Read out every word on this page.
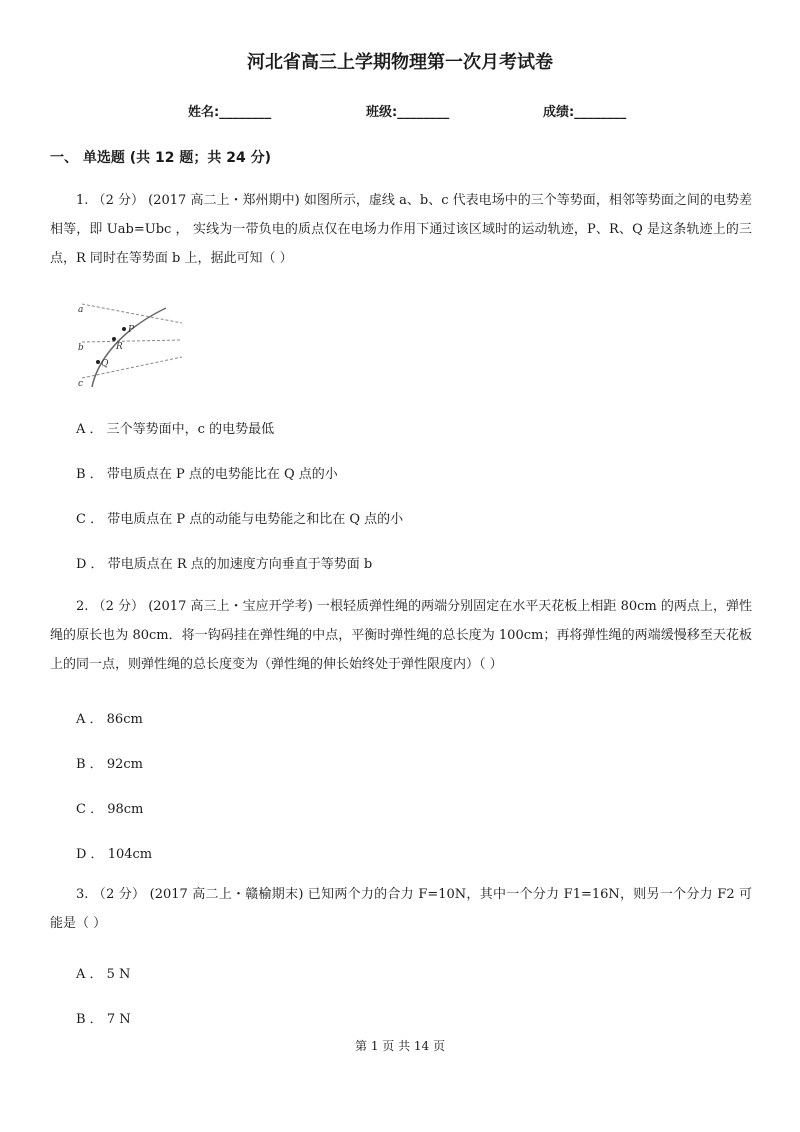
河北省高三上学期物理第一次月考试卷
姓名:________	班级:________	成绩:________
一、 单选题 (共 12 题；共 24 分)

1. （2 分） (2017 高二上・郑州期中) 如图所示，虚线 a、b、c 代表电场中的三个等势面，相邻等势面之间的电势差相等，即 Uab=Ubc ， 实线为一带负电的质点仅在电场力作用下通过该区域时的运动轨迹，P、R、Q 是这条轨迹上的三点，R 同时在等势面 b 上，据此可知（ ）

a
b
c
P
R
Q
A ． 三个等势面中，c 的电势最低
B ． 带电质点在 P 点的电势能比在 Q 点的小
C ． 带电质点在 P 点的动能与电势能之和比在 Q 点的小
D ． 带电质点在 R 点的加速度方向垂直于等势面 b

2. （2 分） (2017 高三上・宝应开学考) 一根轻质弹性绳的两端分别固定在水平天花板上相距 80cm 的两点上，弹性绳的原长也为 80cm．将一钩码挂在弹性绳的中点，平衡时弹性绳的总长度为 100cm；再将弹性绳的两端缓慢移至天花板上的同一点，则弹性绳的总长度变为（弹性绳的伸长始终处于弹性限度内）（ ）

A ． 86cm
B ． 92cm
C ． 98cm
D ． 104cm

3. （2 分） (2017 高二上・赣榆期末) 已知两个力的合力 F=10N，其中一个分力 F1=16N，则另一个分力 F2 可能是（ ）

A ． 5 N
B ． 7 N
第 1 页 共 14 页
